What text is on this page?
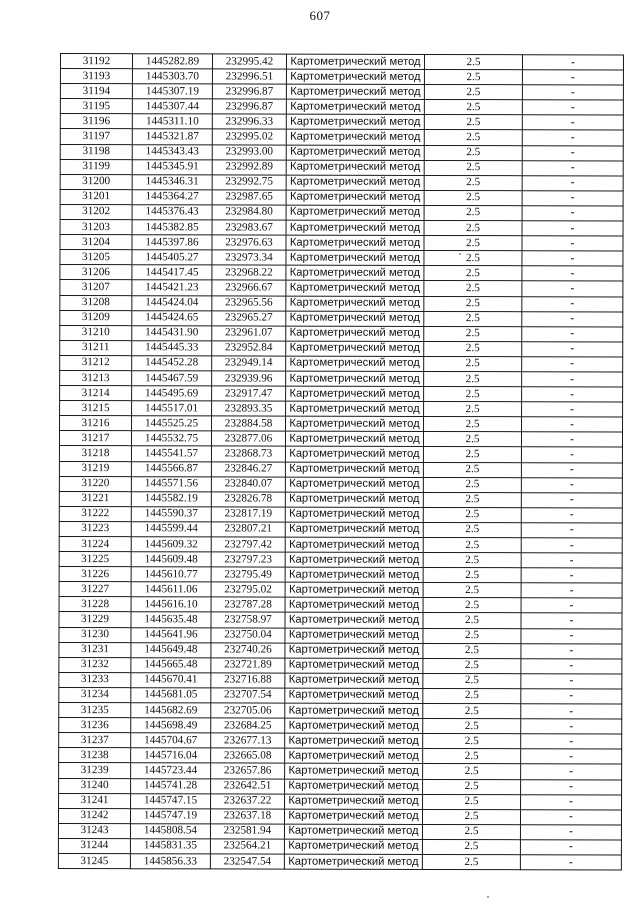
607
31192	1445282.89	232995.42	Картометрический метод	2.5	-
31193	1445303.70	232996.51	Картометрический метод	2.5	-
31194	1445307.19	232996.87	Картометрический метод	2.5	-
31195	1445307.44	232996.87	Картометрический метод	2.5	-
31196	1445311.10	232996.33	Картометрический метод	2.5	-
31197	1445321.87	232995.02	Картометрический метод	2.5	-
31198	1445343.43	232993.00	Картометрический метод	2.5	-
31199	1445345.91	232992.89	Картометрический метод	2.5	-
31200	1445346.31	232992.75	Картометрический метод	2.5	-
31201	1445364.27	232987.65	Картометрический метод	2.5	-
31202	1445376.43	232984.80	Картометрический метод	2.5	-
31203	1445382.85	232983.67	Картометрический метод	2.5	-
31204	1445397.86	232976.63	Картометрический метод	2.5	-
31205	1445405.27	232973.34	Картометрический метод	2.5	-
31206	1445417.45	232968.22	Картометрический метод	2.5	-
31207	1445421.23	232966.67	Картометрический метод	2.5	-
31208	1445424.04	232965.56	Картометрический метод	2.5	-
31209	1445424.65	232965.27	Картометрический метод	2.5	-
31210	1445431.90	232961.07	Картометрический метод	2.5	-
31211	1445445.33	232952.84	Картометрический метод	2.5	-
31212	1445452.28	232949.14	Картометрический метод	2.5	-
31213	1445467.59	232939.96	Картометрический метод	2.5	-
31214	1445495.69	232917.47	Картометрический метод	2.5	-
31215	1445517.01	232893.35	Картометрический метод	2.5	-
31216	1445525.25	232884.58	Картометрический метод	2.5	-
31217	1445532.75	232877.06	Картометрический метод	2.5	-
31218	1445541.57	232868.73	Картометрический метод	2.5	-
31219	1445566.87	232846.27	Картометрический метод	2.5	-
31220	1445571.56	232840.07	Картометрический метод	2.5	-
31221	1445582.19	232826.78	Картометрический метод	2.5	-
31222	1445590.37	232817.19	Картометрический метод	2.5	-
31223	1445599.44	232807.21	Картометрический метод	2.5	-
31224	1445609.32	232797.42	Картометрический метод	2.5	-
31225	1445609.48	232797.23	Картометрический метод	2.5	-
31226	1445610.77	232795.49	Картометрический метод	2.5	-
31227	1445611.06	232795.02	Картометрический метод	2.5	-
31228	1445616.10	232787.28	Картометрический метод	2.5	-
31229	1445635.48	232758.97	Картометрический метод	2.5	-
31230	1445641.96	232750.04	Картометрический метод	2.5	-
31231	1445649.48	232740.26	Картометрический метод	2.5	-
31232	1445665.48	232721.89	Картометрический метод	2.5	-
31233	1445670.41	232716.88	Картометрический метод	2.5	-
31234	1445681.05	232707.54	Картометрический метод	2.5	-
31235	1445682.69	232705.06	Картометрический метод	2.5	-
31236	1445698.49	232684.25	Картометрический метод	2.5	-
31237	1445704.67	232677.13	Картометрический метод	2.5	-
31238	1445716.04	232665.08	Картометрический метод	2.5	-
31239	1445723.44	232657.86	Картометрический метод	2.5	-
31240	1445741.28	232642.51	Картометрический метод	2.5	-
31241	1445747.15	232637.22	Картометрический метод	2.5	-
31242	1445747.19	232637.18	Картометрический метод	2.5	-
31243	1445808.54	232581.94	Картометрический метод	2.5	-
31244	1445831.35	232564.21	Картометрический метод	2.5	-
31245	1445856.33	232547.54	Картометрический метод	2.5	-
